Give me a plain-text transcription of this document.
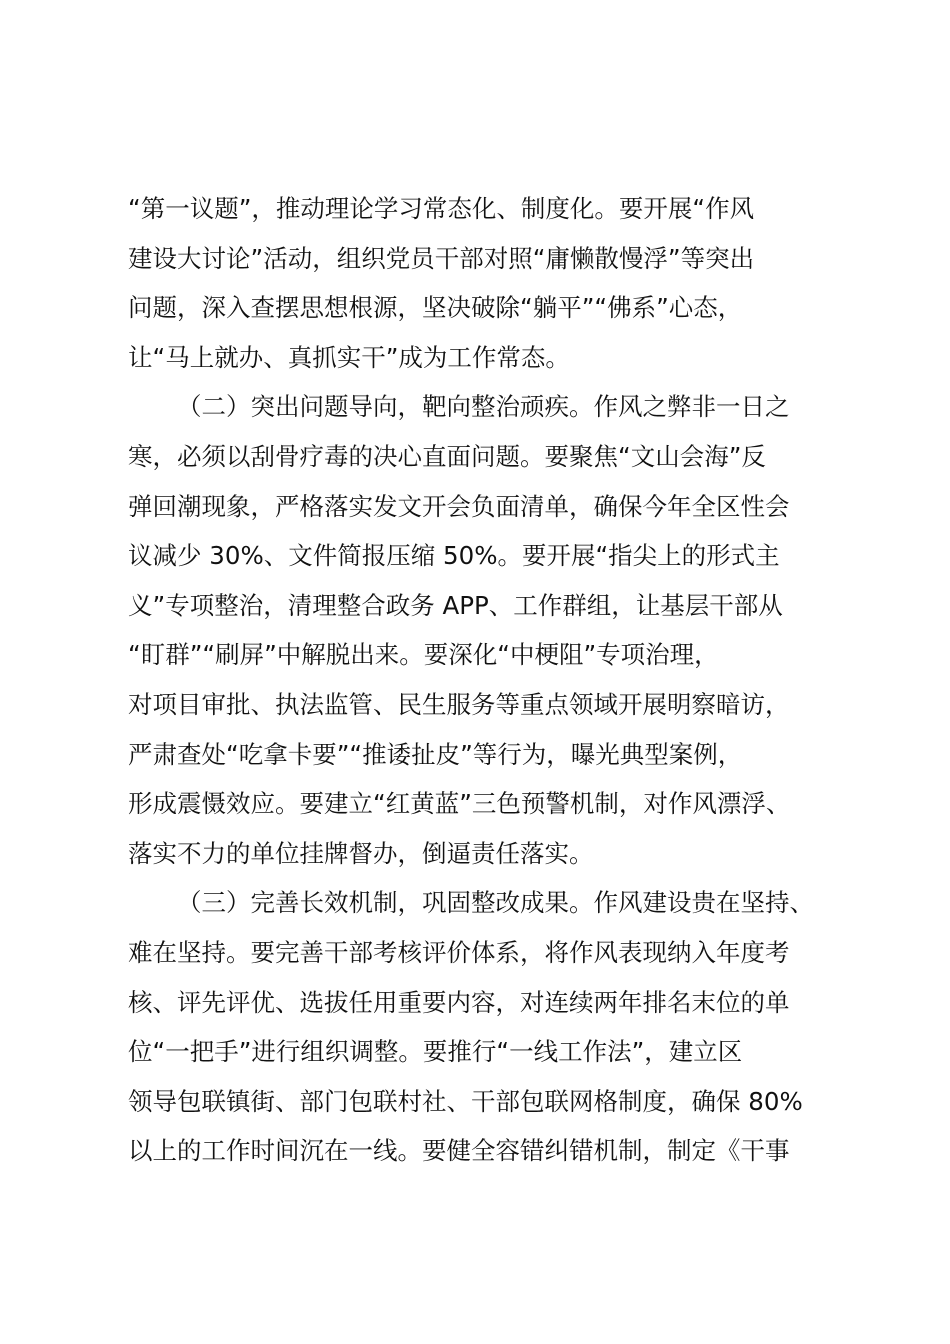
“第一议题”，推动理论学习常态化、制度化。要开展“作风
建设大讨论”活动，组织党员干部对照“庸懒散慢浮”等突出
问题，深入查摆思想根源，坚决破除“躺平”“佛系”心态，
让“马上就办、真抓实干”成为工作常态。
（二）突出问题导向，靶向整治顽疾。作风之弊非一日之
寒，必须以刮骨疗毒的决心直面问题。要聚焦“文山会海”反
弹回潮现象，严格落实发文开会负面清单，确保今年全区性会
议减少 30%、文件简报压缩 50%。要开展“指尖上的形式主
义”专项整治，清理整合政务 APP、工作群组，让基层干部从
“盯群”“刷屏”中解脱出来。要深化“中梗阻”专项治理，
对项目审批、执法监管、民生服务等重点领域开展明察暗访，
严肃查处“吃拿卡要”“推诿扯皮”等行为，曝光典型案例，
形成震慑效应。要建立“红黄蓝”三色预警机制，对作风漂浮、
落实不力的单位挂牌督办，倒逼责任落实。
（三）完善长效机制，巩固整改成果。作风建设贵在坚持、
难在坚持。要完善干部考核评价体系，将作风表现纳入年度考
核、评先评优、选拔任用重要内容，对连续两年排名末位的单
位“一把手”进行组织调整。要推行“一线工作法”，建立区
领导包联镇街、部门包联村社、干部包联网格制度，确保 80%
以上的工作时间沉在一线。要健全容错纠错机制，制定《干事
